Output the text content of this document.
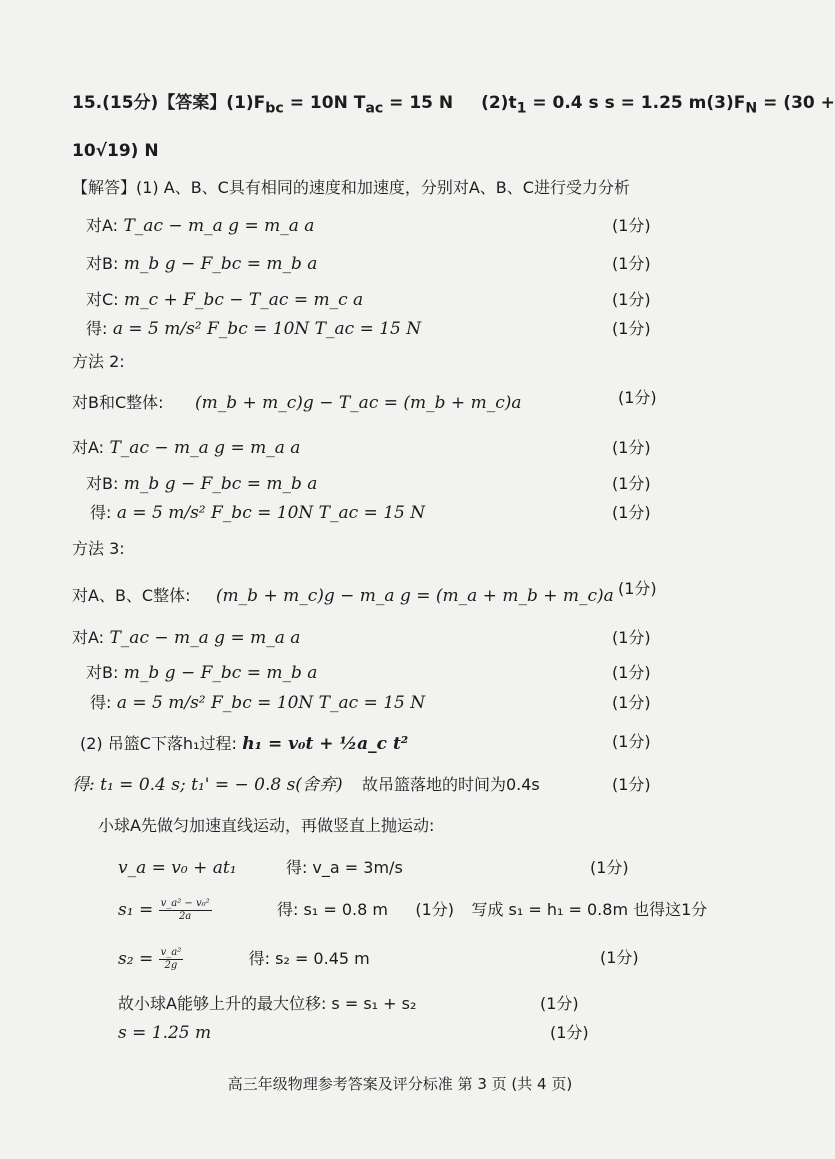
15.(15分)【答案】$(1)F_{bc} = 10N$ $T_{ac} = 15$ N $(2)t_1 = 0.4$ s s = 1.25 $m(3)F_N = (30$ +
10√19) N
【解答】(1) A、B、C具有相同的速度和加速度，分别对A、B、C进行受力分析
对A: T_ac − m_a g = m_a a	(1分)
对B: m_b g − F_bc = m_b a	(1分)
对C: m_c + F_bc − T_ac = m_c a	(1分)
得: a = 5 m/s² F_bc = 10N T_ac = 15 N	(1分)
方法 2:
对B和C整体: (m_b + m_c)g − T_ac = (m_b + m_c)a	(1分)
对A: T_ac − m_a g = m_a a	(1分)
对B: m_b g − F_bc = m_b a	(1分)
得: a = 5 m/s² F_bc = 10N T_ac = 15 N	(1分)
方法 3:
对A、B、C整体: (m_b + m_c)g − m_a g = (m_a + m_b + m_c)a (1分)
对A: T_ac − m_a g = m_a a	(1分)
对B: m_b g − F_bc = m_b a	(1分)
得: a = 5 m/s² F_bc = 10N T_ac = 15 N	(1分)
(2) 吊篮C下落h₁过程: h₁ = v₀t + ½a_c t²	(1分)
得: t₁ = 0.4 s; t₁' = − 0.8 s(舍弃) 故吊篮落地的时间为0.4s	(1分)
小球A先做匀加速直线运动，再做竖直上抛运动:
v_a = v₀ + at₁	得: v_a = 3m/s	(1分)
$s_1 = \frac{\text{v\_a² − v₀²}}{2a}$	得: s₁ = 0.8 m (1分) 写成 s₁ = h₁ = 0.8m 也得这1分
$s_2 = \frac{\text{v\_a²}}{2g}$	得: s₂ = 0.45 m	(1分)
故小球A能够上升的最大位移: s = s₁ + s₂	(1分)
s = 1.25 m	(1分)
高三年级物理参考答案及评分标准 第 3 页 (共 4 页)
